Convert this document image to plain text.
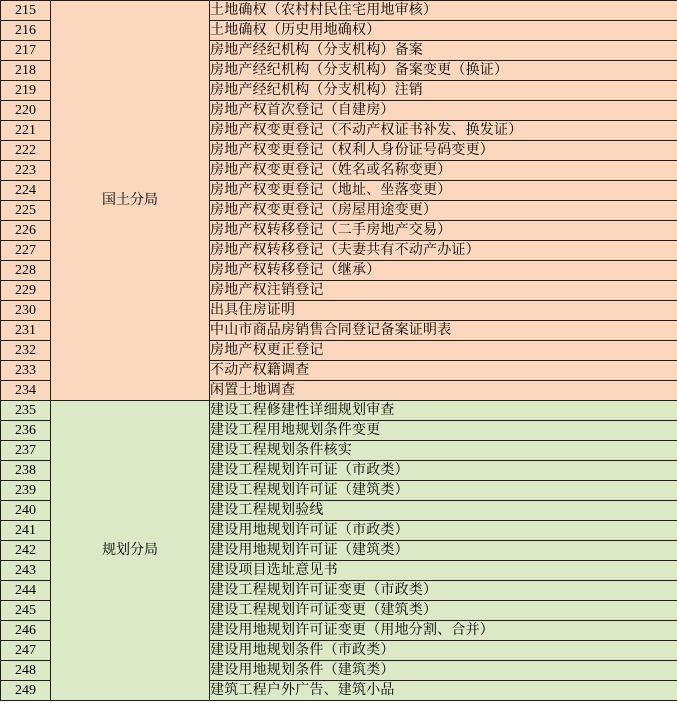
215	国土分局	土地确权（农村村民住宅用地审核）
216		土地确权（历史用地确权）
217		房地产经纪机构（分支机构）备案
218		房地产经纪机构（分支机构）备案变更（换证）
219		房地产经纪机构（分支机构）注销
220		房地产权首次登记（自建房）
221		房地产权变更登记（不动产权证书补发、换发证）
222		房地产权变更登记（权利人身份证号码变更）
223		房地产权变更登记（姓名或名称变更）
224		房地产权变更登记（地址、坐落变更）
225		房地产权变更登记（房屋用途变更）
226		房地产权转移登记（二手房地产交易）
227		房地产权转移登记（夫妻共有不动产办证）
228		房地产权转移登记（继承）
229		房地产权注销登记
230		出具住房证明
231		中山市商品房销售合同登记备案证明表
232		房地产权更正登记
233		不动产权籍调查
234		闲置土地调查
235	规划分局	建设工程修建性详细规划审查
236		建设工程用地规划条件变更
237		建设工程规划条件核实
238		建设工程规划许可证（市政类）
239		建设工程规划许可证（建筑类）
240		建设工程规划验线
241		建设用地规划许可证（市政类）
242		建设用地规划许可证（建筑类）
243		建设项目选址意见书
244		建设工程规划许可证变更（市政类）
245		建设工程规划许可证变更（建筑类）
246		建设用地规划许可证变更（用地分割、合并）
247		建设用地规划条件（市政类）
248		建设用地规划条件（建筑类）
249		建筑工程户外广告、建筑小品
